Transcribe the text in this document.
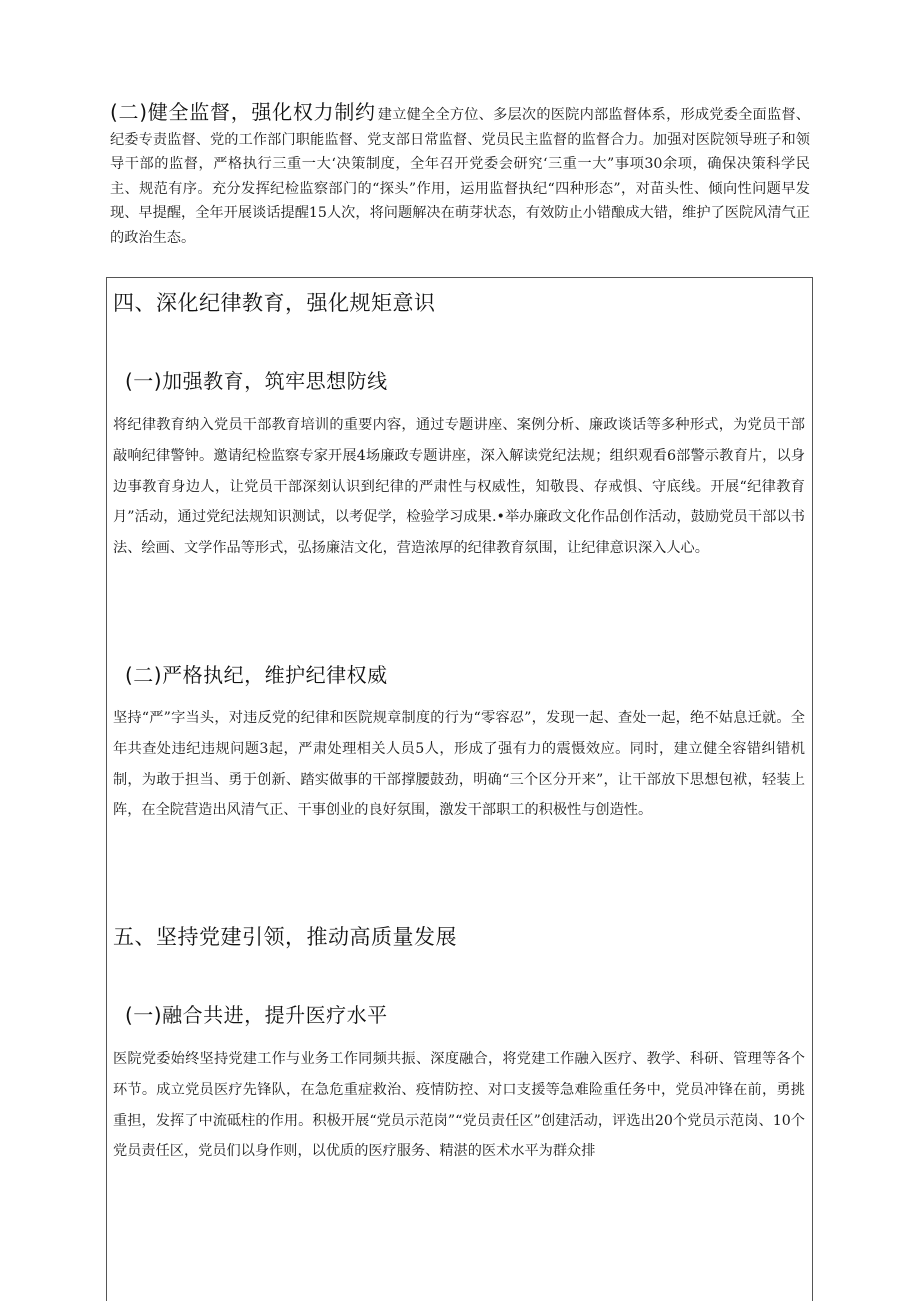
(二)健全监督，强化权力制约 建立健全全方位、多层次的医院内部监督体系，形成党委全面监督、纪委专责监督、党的工作部门职能监督、党支部日常监督、党员民主监督的监督合力。加强对医院领导班子和领导干部的监督，严格执行三重一大‘决策制度，全年召开党委会研究‘三重一大”事项30余项，确保决策科学民主、规范有序。充分发挥纪检监察部门的“探头”作用，运用监督执纪“四种形态”，对苗头性、倾向性问题早发现、早提醒，全年开展谈话提醒15人次，将问题解决在萌芽状态，有效防止小错酿成大错，维护了医院风清气正的政治生态。
四、深化纪律教育，强化规矩意识
(一)加强教育，筑牢思想防线
将纪律教育纳入党员干部教育培训的重要内容，通过专题讲座、案例分析、廉政谈话等多种形式，为党员干部敲响纪律警钟。邀请纪检监察专家开展4场廉政专题讲座，深入解读党纪法规；组织观看6部警示教育片，以身边事教育身边人，让党员干部深刻认识到纪律的严肃性与权威性，知敬畏、存戒惧、守底线。开展“纪律教育月”活动，通过党纪法规知识测试，以考促学，检验学习成果.•举办廉政文化作品创作活动，鼓励党员干部以书法、绘画、文学作品等形式，弘扬廉洁文化，营造浓厚的纪律教育氛围，让纪律意识深入人心。
(二)严格执纪，维护纪律权威
坚持“严”字当头，对违反党的纪律和医院规章制度的行为“零容忍”，发现一起、查处一起，绝不姑息迁就。全年共查处违纪违规问题3起，严肃处理相关人员5人，形成了强有力的震慑效应。同时，建立健全容错纠错机制，为敢于担当、勇于创新、踏实做事的干部撑腰鼓劲，明确“三个区分开来”，让干部放下思想包袱，轻装上阵，在全院营造出风清气正、干事创业的良好氛围，激发干部职工的积极性与创造性。
五、坚持党建引领，推动高质量发展
(一)融合共进，提升医疗水平
医院党委始终坚持党建工作与业务工作同频共振、深度融合，将党建工作融入医疗、教学、科研、管理等各个环节。成立党员医疗先锋队，在急危重症救治、疫情防控、对口支援等急难险重任务中，党员冲锋在前，勇挑重担，发挥了中流砥柱的作用。积极开展“党员示范岗”“党员责任区”创建活动，评选出20个党员示范岗、10个党员责任区，党员们以身作则，以优质的医疗服务、精湛的医术水平为群众排
